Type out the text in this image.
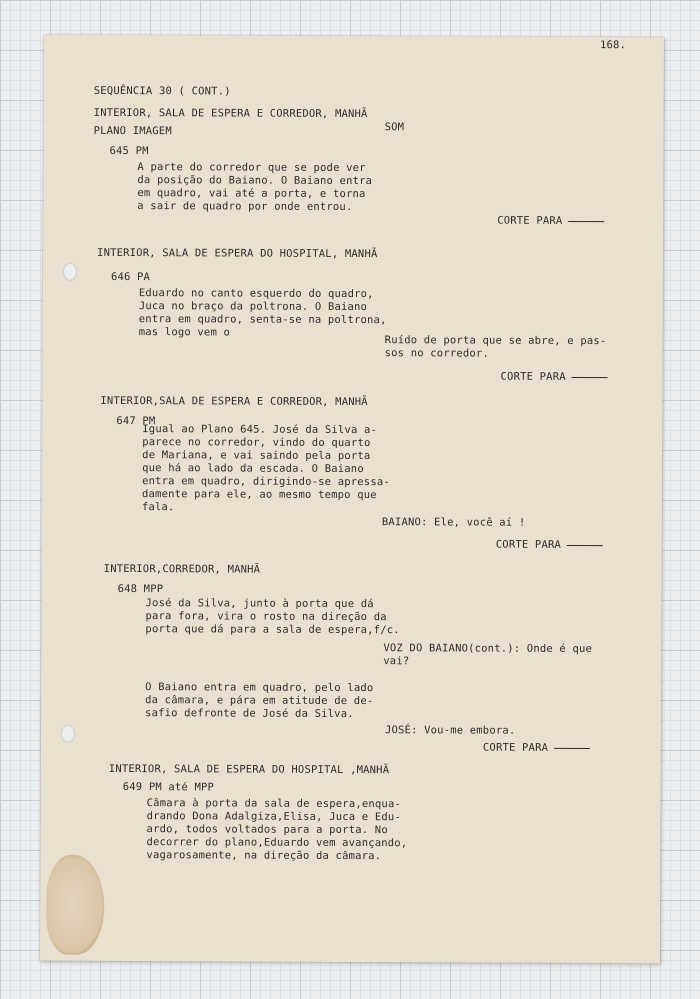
168.

SEQUÊNCIA 30 ( CONT.)

INTERIOR, SALA DE ESPERA E CORREDOR, MANHÃ

PLANO IMAGEM	SOM

645 PM

A parte do corredor que se pode ver
da posição do Baiano. O Baiano entra
em quadro, vai até a porta, e torna
a sair de quadro por onde entrou.

CORTE PARA

INTERIOR, SALA DE ESPERA DO HOSPITAL, MANHÃ

646 PA

Eduardo no canto esquerdo do quadro,
Juca no braço da poltrona. O Baiano
entra em quadro, senta-se na poltrona,
mas logo vem o

Ruído de porta que se abre, e pas-
sos no corredor.

CORTE PARA

INTERIOR,SALA DE ESPERA E CORREDOR, MANHÃ

647 PM

Igual ao Plano 645. José da Silva a-
parece no corredor, vindo do quarto
de Mariana, e vai saindo pela porta
que há ao lado da escada. O Baiano
entra em quadro, dirigindo-se apressa-
damente para ele, ao mesmo tempo que
fala.

BAIANO: Ele, você aí !

CORTE PARA

INTERIOR,CORREDOR, MANHÃ

648 MPP

José da Silva, junto à porta que dá
para fora, vira o rosto na direção da
porta que dá para a sala de espera,f/c.

VOZ DO BAIANO(cont.): Onde é que
vai?

O Baiano entra em quadro, pelo lado
da câmara, e pára em atitude de de-
safio defronte de José da Silva.

JOSÉ: Vou-me embora.

CORTE PARA

INTERIOR, SALA DE ESPERA DO HOSPITAL ,MANHÃ

649 PM até MPP

Câmara à porta da sala de espera,enqua-
drando Dona Adalgiza,Elisa, Juca e Edu-
ardo, todos voltados para a porta. No
decorrer do plano,Eduardo vem avançando,
vagarosamente, na direção da câmara.
